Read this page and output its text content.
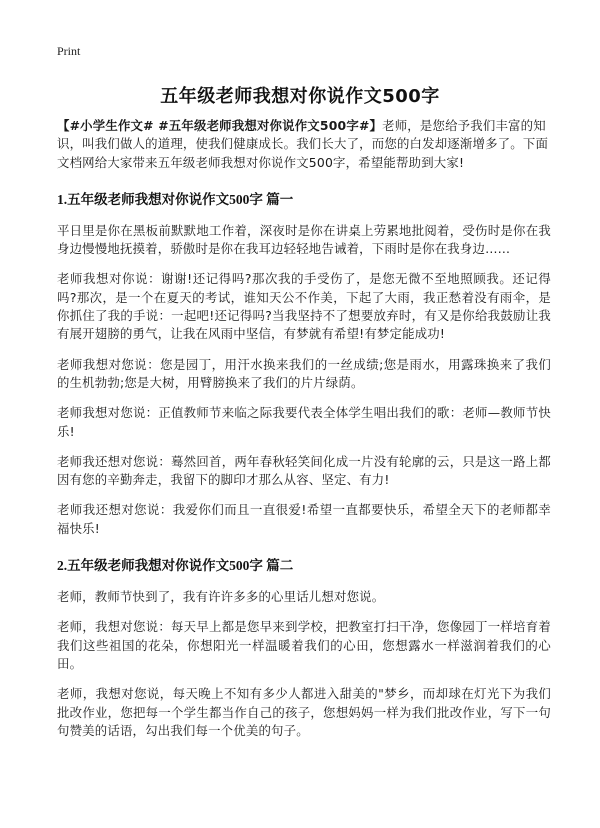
Print
五年级老师我想对你说作文500字

【#小学生作文# #五年级老师我想对你说作文500字#】老师，是您给予我们丰富的知识，叫我们做人的道理，使我们健康成长。我们长大了，而您的白发却逐渐增多了。下面文档网给大家带来五年级老师我想对你说作文500字，希望能帮助到大家!

1.五年级老师我想对你说作文500字 篇一

平日里是你在黑板前默默地工作着，深夜时是你在讲桌上劳累地批阅着，受伤时是你在我身边慢慢地抚摸着，骄傲时是你在我耳边轻轻地告诫着，下雨时是你在我身边……

老师我想对你说：谢谢!还记得吗?那次我的手受伤了，是您无微不至地照顾我。还记得吗?那次，是一个在夏天的考试，谁知天公不作美，下起了大雨，我正愁着没有雨伞，是你抓住了我的手说：一起吧!还记得吗?当我坚持不了想要放弃时，有又是你给我鼓励让我有展开翅膀的勇气，让我在风雨中坚信，有梦就有希望!有梦定能成功!

老师我想对您说：您是园丁，用汗水换来我们的一丝成绩;您是雨水，用露珠换来了我们的生机勃勃;您是大树，用臂膀换来了我们的片片绿荫。

老师我想对您说：正值教师节来临之际我要代表全体学生唱出我们的歌：老师—教师节快乐!

老师我还想对您说：蓦然回首，两年春秋轻笑间化成一片没有轮廓的云，只是这一路上都因有您的辛勤奔走，我留下的脚印才那么从容、坚定、有力!

老师我还想对您说：我爱你们而且一直很爱!希望一直都要快乐，希望全天下的老师都幸福快乐!

2.五年级老师我想对你说作文500字 篇二

老师，教师节快到了，我有许许多多的心里话儿想对您说。

老师，我想对您说：每天早上都是您早来到学校，把教室打扫干净，您像园丁一样培育着我们这些祖国的花朵，你想阳光一样温暖着我们的心田，您想露水一样滋润着我们的心田。

老师，我想对您说，每天晚上不知有多少人都进入甜美的"梦乡，而却球在灯光下为我们批改作业，您把每一个学生都当作自己的孩子，您想妈妈一样为我们批改作业，写下一句句赞美的话语，勾出我们每一个优美的句子。
